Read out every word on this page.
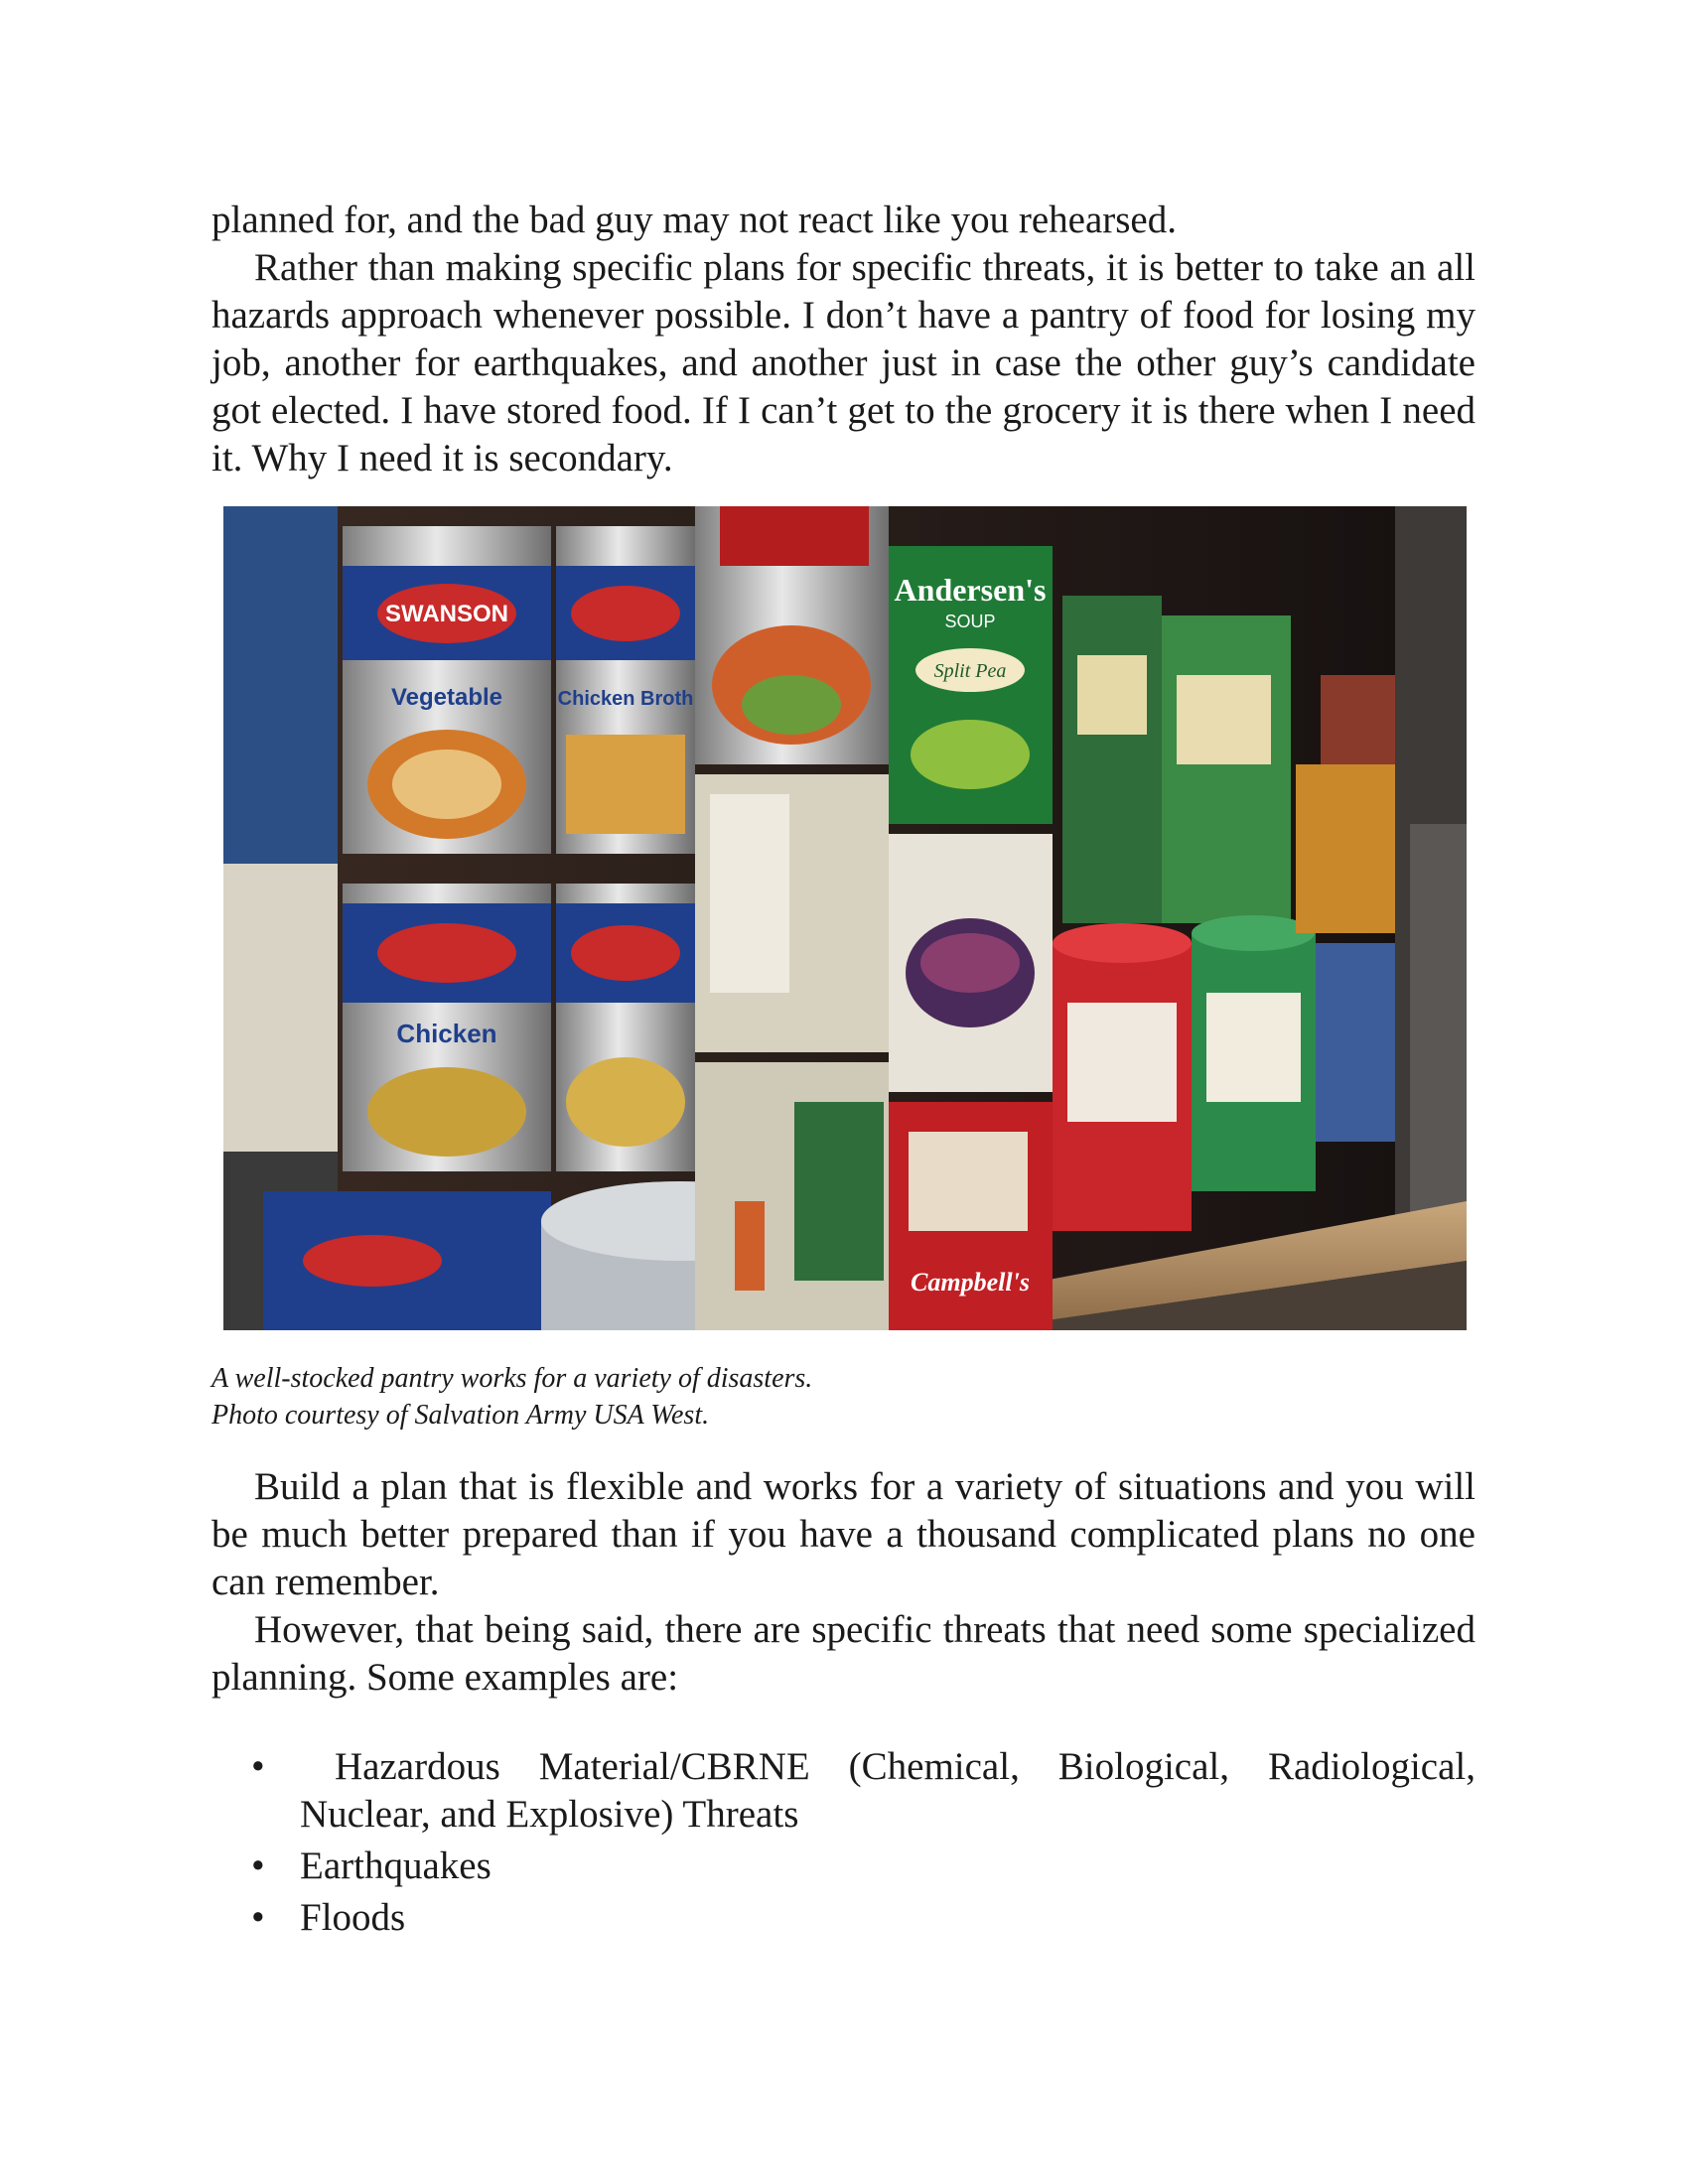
planned for, and the bad guy may not react like you rehearsed.

Rather than making specific plans for specific threats, it is better to take an all hazards approach whenever possible. I don’t have a pantry of food for losing my job, another for earthquakes, and another just in case the other guy’s candidate got elected. I have stored food. If I can’t get to the grocery it is there when I need it. Why I need it is secondary.

SWANSON
Vegetable	Chicken Broth
Chicken
Andersen's
SOUP
Split Pea
Campbell's
A well-stocked pantry works for a variety of disasters.
Photo courtesy of Salvation Army USA West.

Build a plan that is flexible and works for a variety of situations and you will be much better prepared than if you have a thousand complicated plans no one can remember.

However, that being said, there are specific threats that need some specialized planning. Some examples are:

• Hazardous Material/CBRNE (Chemical, Biological, Radiological, Nuclear, and Explosive) Threats
• Earthquakes
• Floods
